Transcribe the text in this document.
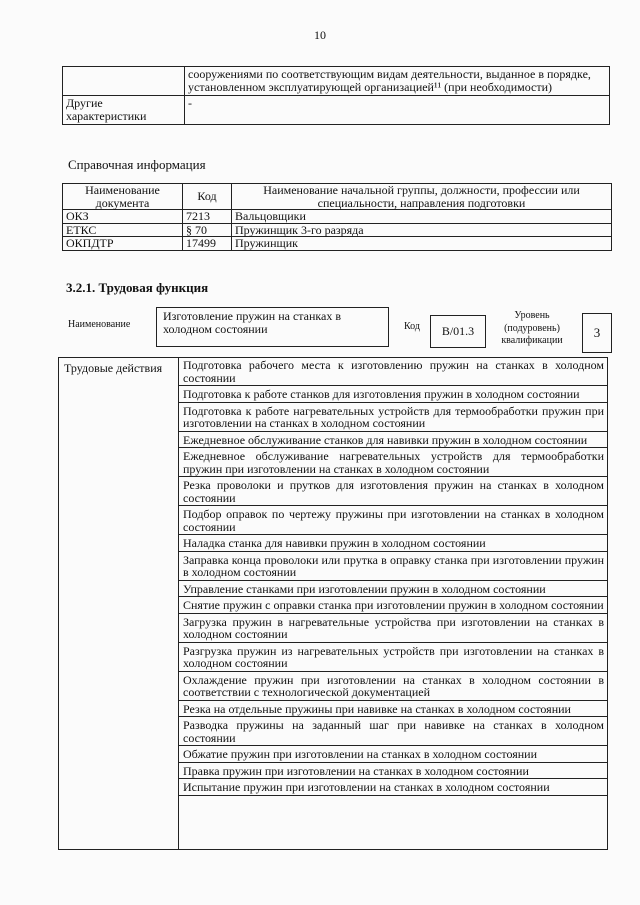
10
	сооружениями по соответствующим видам деятельности, выданное в порядке, установленном эксплуатирующей организацией¹¹ (при необходимости)
Другие характеристики	-
Справочная информация
Наименование документа	Код	Наименование начальной группы, должности, профессии или специальности, направления подготовки
ОКЗ	7213	Вальцовщики
ЕТКС	§ 70	Пружинщик 3-го разряда
ОКПДТР	17499	Пружинщик
3.2.1. Трудовая функция
Наименование
Изготовление пружин на станках в холодном состоянии	Код	B/01.3
Уровень (подуровень) квалификации
3
Трудовые действия	Подготовка рабочего места к изготовлению пружин на станках в холодном состоянии
Подготовка к работе станков для изготовления пружин в холодном состоянии
Подготовка к работе нагревательных устройств для термообработки пружин при изготовлении на станках в холодном состоянии
Ежедневное обслуживание станков для навивки пружин в холодном состоянии
Ежедневное обслуживание нагревательных устройств для термообработки пружин при изготовлении на станках в холодном состоянии
Резка проволоки и прутков для изготовления пружин на станках в холодном состоянии
Подбор оправок по чертежу пружины при изготовлении на станках в холодном состоянии
Наладка станка для навивки пружин в холодном состоянии
Заправка конца проволоки или прутка в оправку станка при изготовлении пружин в холодном состоянии
Управление станками при изготовлении пружин в холодном состоянии
Снятие пружин с оправки станка при изготовлении пружин в холодном состоянии
Загрузка пружин в нагревательные устройства при изготовлении на станках в холодном состоянии
Разгрузка пружин из нагревательных устройств при изготовлении на станках в холодном состоянии
Охлаждение пружин при изготовлении на станках в холодном состоянии в соответствии с технологической документацией
Резка на отдельные пружины при навивке на станках в холодном состоянии
Разводка пружины на заданный шаг при навивке на станках в холодном состоянии
Обжатие пружин при изготовлении на станках в холодном состоянии
Правка пружин при изготовлении на станках в холодном состоянии
Испытание пружин при изготовлении на станках в холодном состоянии
